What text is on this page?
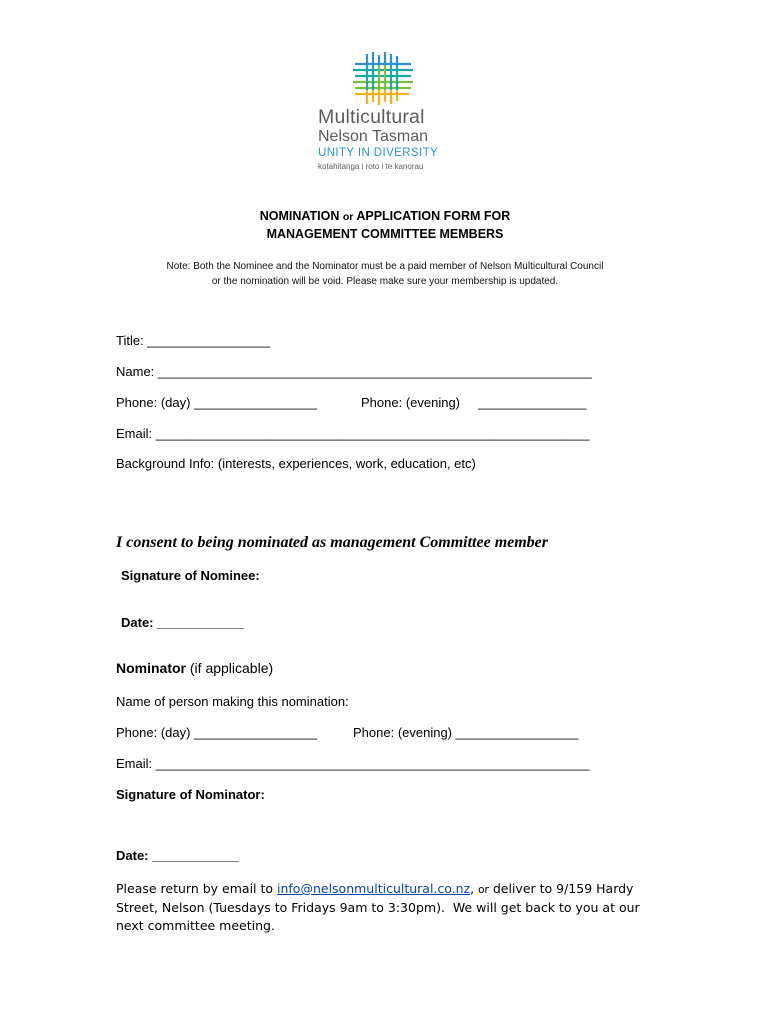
Multicultural
Nelson Tasman
UNITY IN DIVERSITY
kotahitanga i roto i te kanorau
NOMINATION or APPLICATION FORM FOR
MANAGEMENT COMMITTEE MEMBERS
Note: Both the Nominee and the Nominator must be a paid member of Nelson Multicultural Council
or the nomination will be void. Please make sure your membership is updated.
Title: _________________
Name: ____________________________________________________________
Phone: (day) _________________	Phone: (evening)     _______________
Email: ____________________________________________________________
Background Info: (interests, experiences, work, education, etc)
I consent to being nominated as management Committee member
Signature of Nominee:
Date: ____________
Nominator (if applicable)
Name of person making this nomination:
Phone: (day) _________________	Phone: (evening) _________________
Email: ____________________________________________________________
Signature of Nominator:
Date: ____________
Please return by email to info@nelsonmulticultural.co.nz, or deliver to 9/159 Hardy
Street, Nelson (Tuesdays to Fridays 9am to 3:30pm).  We will get back to you at our
next committee meeting.
